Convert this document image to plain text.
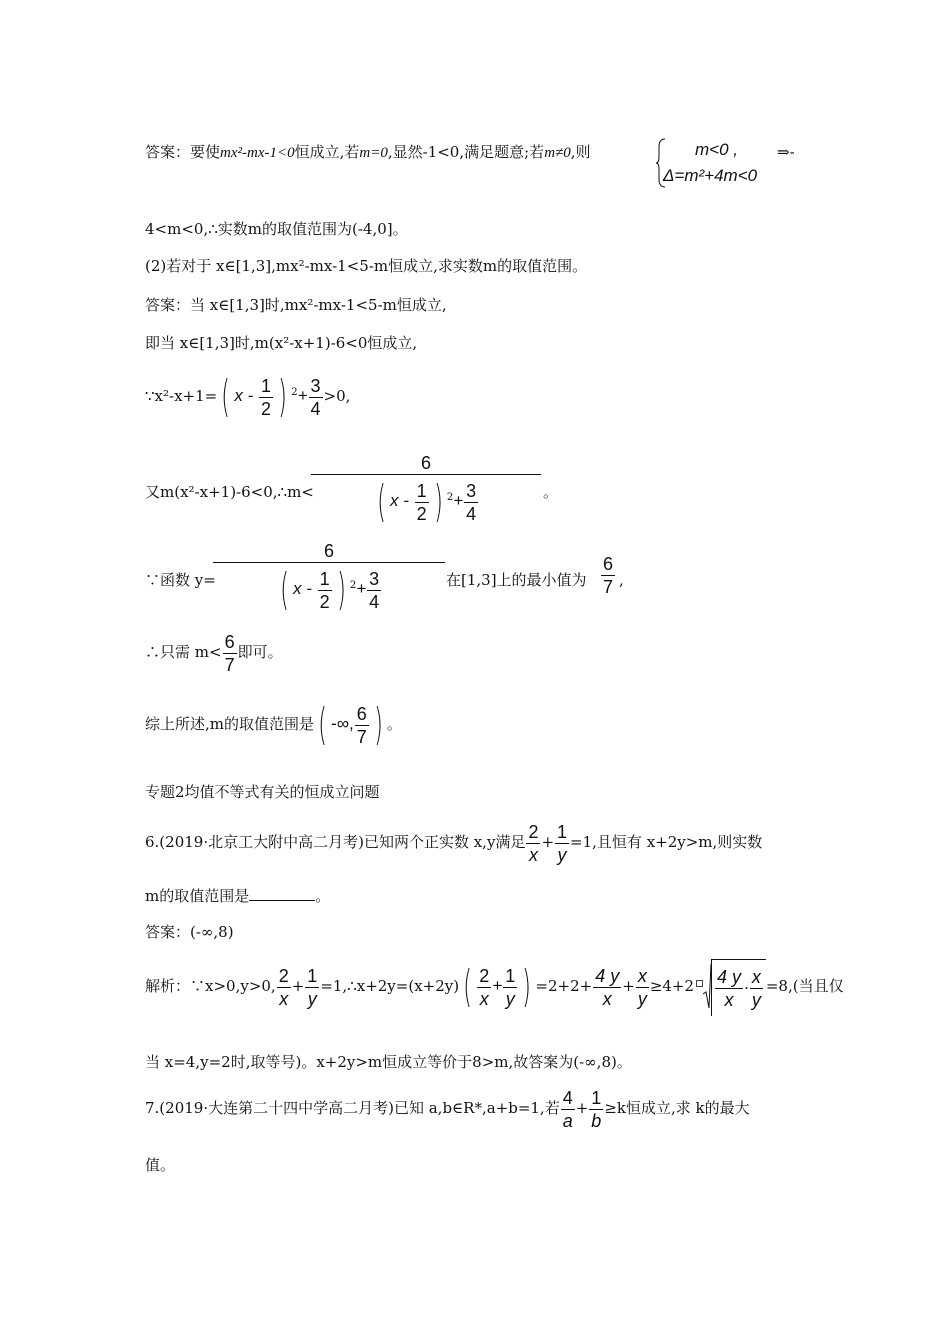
答案：要使mx²-mx-1<0恒成立,若m=0,显然-1<0,满足题意;若m≠0,则	m<0 ,
Δ=m²+4m<0
⇒-
4<m<0,∴实数m的取值范围为(-4,0]。
(2)若对于 x∈[1,3],mx²-mx-1<5-m恒成立,求实数m的取值范围。
答案：当 x∈[1,3]时,mx²-mx-1<5-m恒成立,
即当 x∈[1,3]时,m(x²-x+1)-6<0恒成立,
∵x²-x+1=( x - $\frac{1}{2}$ ) $^2+ \frac{3}{4} >0$,
又m(x²-x+1)-6<0,∴m<
6
( x - $\frac{1}{2}$ ) $^2+ \frac{3}{4}$	。
∵函数 y=
6
( x - $\frac{1}{2}$ ) $^2+ \frac{3}{4}$	在[1,3]上的最小值为 $\frac{6}{7}$ ,
∴只需 $m< \frac{6}{7}$ 即可。
综上所述,m的取值范围是( -∞, $\frac{6}{7}$ ) 。
专题2均值不等式有关的恒成立问题
6.(2019·北京工大附中高二月考)已知两个正实数 x,y满足 $\frac{2}{x} + \frac{1}{y} =1$,且恒有 x+2y>m,则实数
m的取值范围是	。
答案：(-∞,8)
解析：∵x>0,y>0, $\frac{2}{x} + \frac{1}{y}$ =1,∴x+2y=(x+2y)( $\frac{2}{x} + \frac{1}{y}$ ) $=2+2+ \frac{4 y}{x} + \frac{x}{y} \ge 4+2 \frac{4 y}{x} \cdot \frac{x}{y} =8$,(当且仅
当 x=4,y=2时,取等号)。x+2y>m恒成立等价于8>m,故答案为(-∞,8)。
7.(2019·大连第二十四中学高二月考)已知 a,b∈R*,a+b=1,若 $\frac{4}{a} + \frac{1}{b} \ge k$恒成立,求 k的最大
值。
